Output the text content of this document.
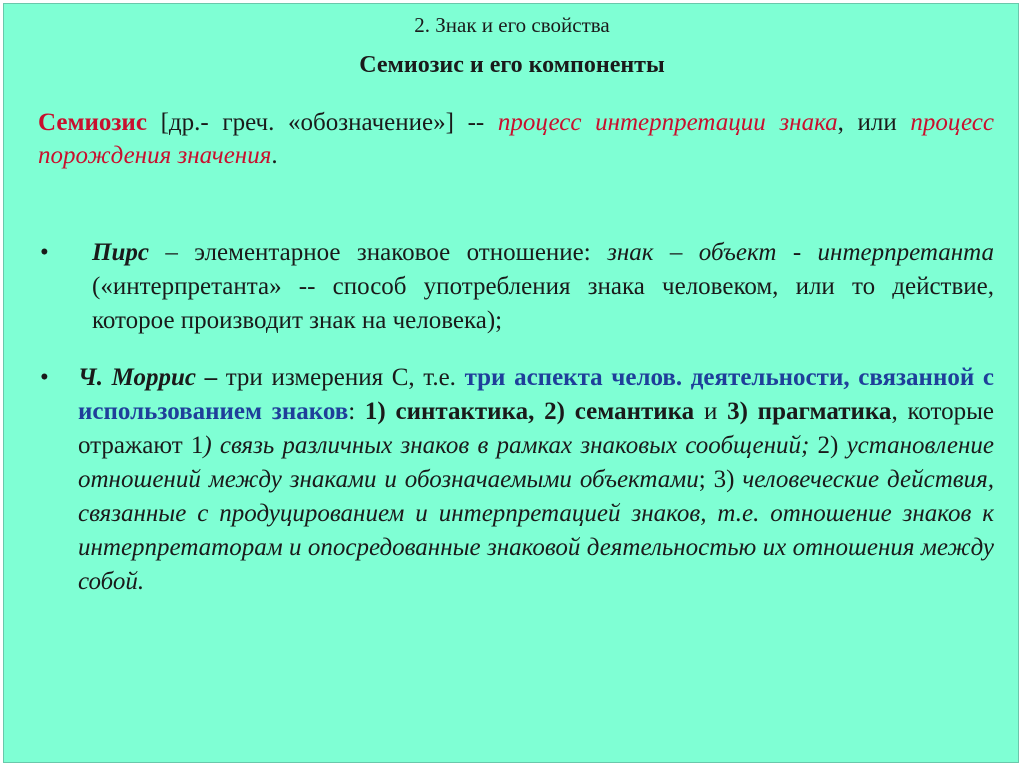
2. Знак и его свойства
Семиозис и его компоненты
Семиозис [др.- греч. «обозначение»] -- процесс интерпретации знака, или процесс порождения значения.
•	Пирс – элементарное знаковое отношение: знак – объект - интерпретанта («интерпретанта» -- способ употребления знака человеком, или то действие, которое производит знак на человека);
•	Ч. Моррис – три измерения С, т.е. три аспекта челов. деятельности, связанной с использованием знаков: 1) синтактика, 2) семантика и 3) прагматика, которые отражают 1) связь различных знаков в рамках знаковых сообщений; 2) установление отношений между знаками и обозначаемыми объектами; 3) человеческие действия, связанные с продуцированием и интерпретацией знаков, т.е. отношение знаков к интерпретаторам и опосредованные знаковой деятельностью их отношения между собой.
